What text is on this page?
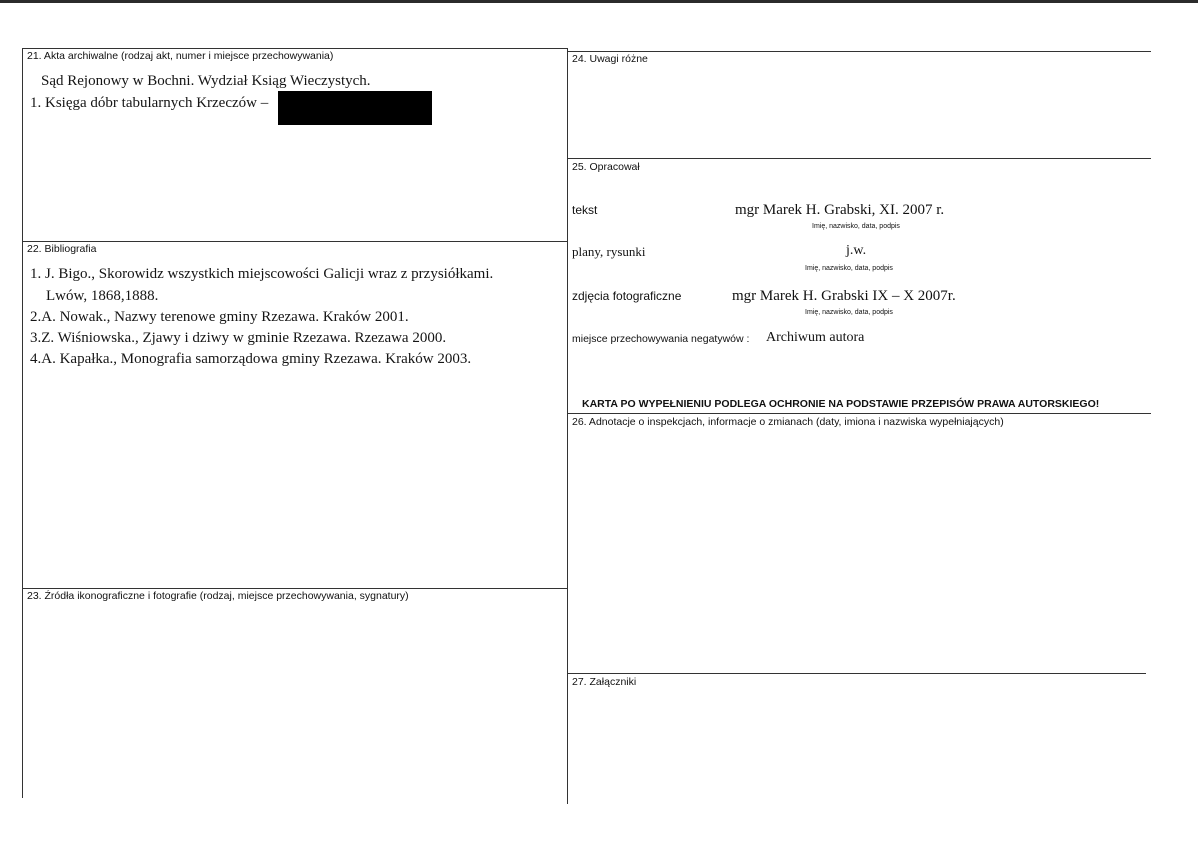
21. Akta archiwalne (rodzaj akt, numer i miejsce przechowywania)
Sąd Rejonowy w Bochni. Wydział Ksiąg Wieczystych.
1. Księga dóbr tabularnych Krzeczów –
22. Bibliografia
1. J. Bigo., Skorowidz wszystkich miejscowości Galicji wraz z przysiółkami.
Lwów, 1868,1888.
2.A. Nowak., Nazwy terenowe gminy Rzezawa. Kraków 2001.
3.Z. Wiśniowska., Zjawy i dziwy w gminie Rzezawa. Rzezawa 2000.
4.A. Kapałka., Monografia samorządowa gminy Rzezawa. Kraków 2003.
23. Źródła ikonograficzne i fotografie (rodzaj, miejsce przechowywania, sygnatury)
24. Uwagi różne
25. Opracował
tekst	mgr Marek H. Grabski, XI. 2007 r.
Imię, nazwisko, data, podpis
plany, rysunki	j.w.
Imię, nazwisko, data, podpis
zdjęcia fotograficzne	mgr Marek H. Grabski IX – X 2007r.
Imię, nazwisko, data, podpis
miejsce przechowywania negatywów : Archiwum autora
KARTA PO WYPEŁNIENIU PODLEGA OCHRONIE NA PODSTAWIE PRZEPISÓW PRAWA AUTORSKIEGO!
26. Adnotacje o inspekcjach, informacje o zmianach (daty, imiona i nazwiska wypełniających)
27. Załączniki
